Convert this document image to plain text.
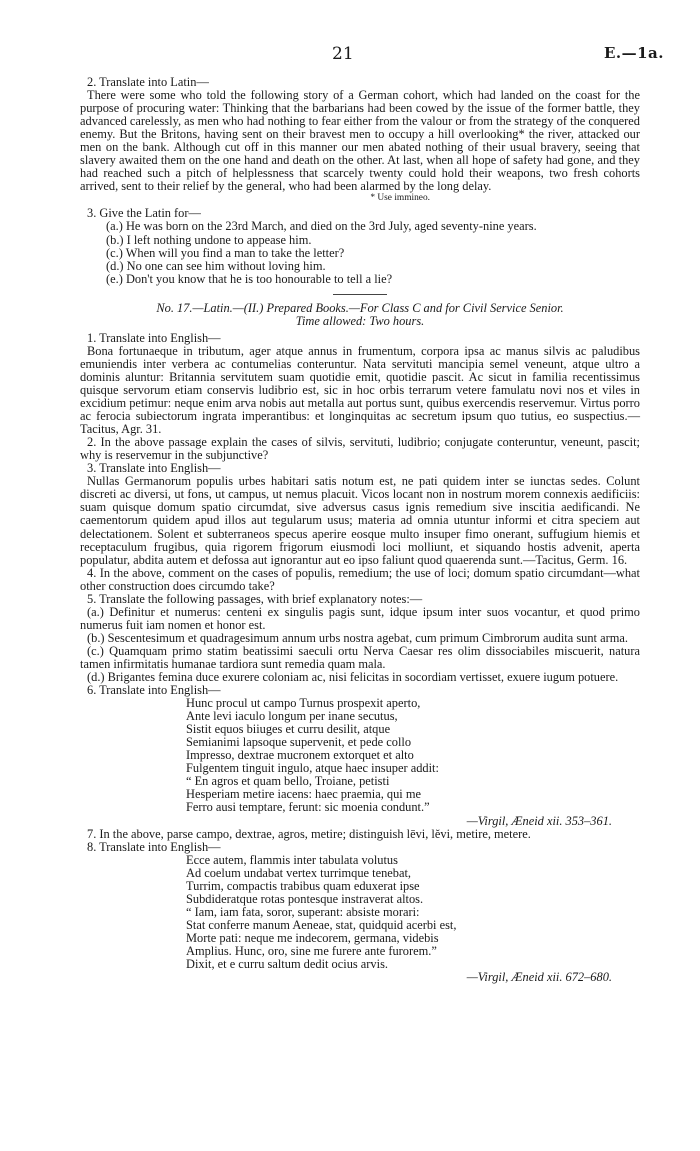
21	E.—1a.

2. Translate into Latin—

There were some who told the following story of a German cohort, which had landed on the coast for the purpose of procuring water: Thinking that the barbarians had been cowed by the issue of the former battle, they advanced carelessly, as men who had nothing to fear either from the valour or from the strategy of the conquered enemy. But the Britons, having sent on their bravest men to occupy a hill overlooking* the river, attacked our men on the bank. Although cut off in this manner our men abated nothing of their usual bravery, seeing that slavery awaited them on the one hand and death on the other. At last, when all hope of safety had gone, and they had reached such a pitch of helplessness that scarcely twenty could hold their weapons, two fresh cohorts arrived, sent to their relief by the general, who had been alarmed by the long delay.

* Use immineo.

3. Give the Latin for—

(a.) He was born on the 23rd March, and died on the 3rd July, aged seventy-nine years.

(b.) I left nothing undone to appease him.

(c.) When will you find a man to take the letter?

(d.) No one can see him without loving him.

(e.) Don't you know that he is too honourable to tell a lie?

No. 17.—Latin.—(II.) Prepared Books.—For Class C and for Civil Service Senior.

Time allowed: Two hours.

1. Translate into English—

Bona fortunaeque in tributum, ager atque annus in frumentum, corpora ipsa ac manus silvis ac paludibus emuniendis inter verbera ac contumelias conteruntur. Nata servituti mancipia semel veneunt, atque ultro a dominis aluntur: Britannia servitutem suam quotidie emit, quotidie pascit. Ac sicut in familia recentissimus quisque servorum etiam conservis ludibrio est, sic in hoc orbis terrarum vetere famulatu novi nos et viles in excidium petimur: neque enim arva nobis aut metalla aut portus sunt, quibus exercendis reservemur. Virtus porro ac ferocia subiectorum ingrata imperantibus: et longinquitas ac secretum ipsum quo tutius, eo suspectius.—Tacitus, Agr. 31.

2. In the above passage explain the cases of silvis, servituti, ludibrio; conjugate conteruntur, veneunt, pascit; why is reservemur in the subjunctive?

3. Translate into English—

Nullas Germanorum populis urbes habitari satis notum est, ne pati quidem inter se iunctas sedes. Colunt discreti ac diversi, ut fons, ut campus, ut nemus placuit. Vicos locant non in nostrum morem connexis aedificiis: suam quisque domum spatio circumdat, sive adversus casus ignis remedium sive inscitia aedificandi. Ne caementorum quidem apud illos aut tegularum usus; materia ad omnia utuntur informi et citra speciem aut delectationem. Solent et subterraneos specus aperire eosque multo insuper fimo onerant, suffugium hiemis et receptaculum frugibus, quia rigorem frigorum eiusmodi loci molliunt, et siquando hostis advenit, aperta populatur, abdita autem et defossa aut ignorantur aut eo ipso faliunt quod quaerenda sunt.—Tacitus, Germ. 16.

4. In the above, comment on the cases of populis, remedium; the use of loci; domum spatio circumdant—what other construction does circumdo take?

5. Translate the following passages, with brief explanatory notes:—

(a.) Definitur et numerus: centeni ex singulis pagis sunt, idque ipsum inter suos vocantur, et quod primo numerus fuit iam nomen et honor est.

(b.) Sescentesimum et quadragesimum annum urbs nostra agebat, cum primum Cimbrorum audita sunt arma.

(c.) Quamquam primo statim beatissimi saeculi ortu Nerva Caesar res olim dissociabiles miscuerit, natura tamen infirmitatis humanae tardiora sunt remedia quam mala.

(d.) Brigantes femina duce exurere coloniam ac, nisi felicitas in socordiam vertisset, exuere iugum potuere.

6. Translate into English—

Hunc procul ut campo Turnus prospexit aperto,

Ante levi iaculo longum per inane secutus,

Sistit equos biiuges et curru desilit, atque

Semianimi lapsoque supervenit, et pede collo

Impresso, dextrae mucronem extorquet et alto

Fulgentem tinguit ingulo, atque haec insuper addit:

“ En agros et quam bello, Troiane, petisti

Hesperiam metire iacens: haec praemia, qui me

Ferro ausi temptare, ferunt: sic moenia condunt.”

—Virgil, Æneid xii. 353–361.

7. In the above, parse campo, dextrae, agros, metire; distinguish lēvi, lĕvi, metire, metere.

8. Translate into English—

Ecce autem, flammis inter tabulata volutus

Ad coelum undabat vertex turrimque tenebat,

Turrim, compactis trabibus quam eduxerat ipse

Subdideratque rotas pontesque instraverat altos.

“ Iam, iam fata, soror, superant: absiste morari:

Stat conferre manum Aeneae, stat, quidquid acerbi est,

Morte pati: neque me indecorem, germana, videbis

Amplius. Hunc, oro, sine me furere ante furorem.”

Dixit, et e curru saltum dedit ocius arvis.

—Virgil, Æneid xii. 672–680.
